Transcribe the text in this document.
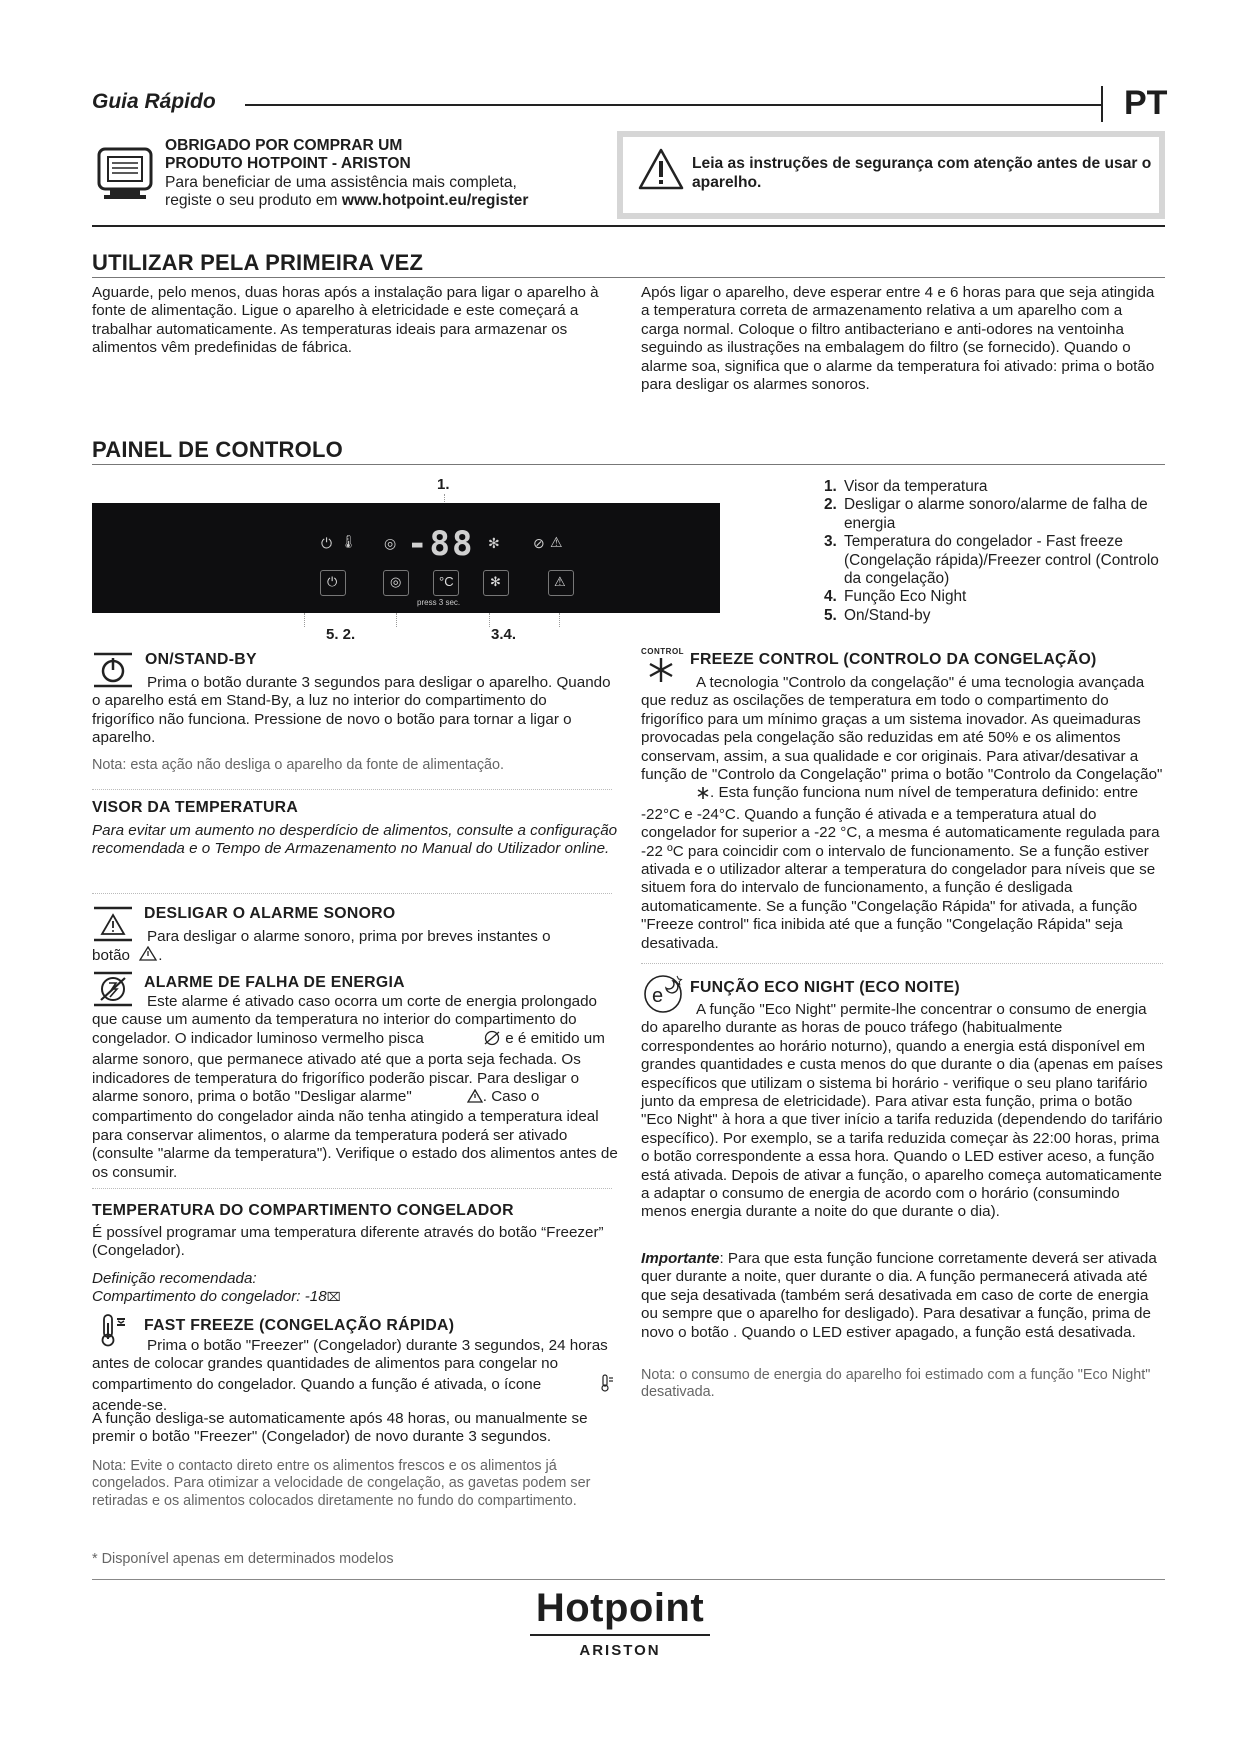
Guia Rápido	PT
OBRIGADO POR COMPRAR UM
PRODUTO HOTPOINT - ARISTON
Para beneficiar de uma assistência mais completa,
registe o seu produto em www.hotpoint.eu/register
Leia as instruções de segurança com atenção antes de usar o aparelho.
UTILIZAR PELA PRIMEIRA VEZ

Aguarde, pelo menos, duas horas após a instalação para ligar o aparelho à fonte de alimentação. Ligue o aparelho à eletricidade e este começará a trabalhar automaticamente. As temperaturas ideais para armazenar os alimentos vêm predefinidas de fábrica.

Após ligar o aparelho, deve esperar entre 4 e 6 horas para que seja atingida a temperatura correta de armazenamento relativa a um aparelho com a carga normal. Coloque o filtro antibacteriano e anti-odores na ventoinha seguindo as ilustrações na embalagem do filtro (se fornecido). Quando o alarme soa, significa que o alarme da temperatura foi ativado: prima o botão para desligar os alarmes sonoros.

PAINEL DE CONTROLO
1.
⏻ 🌡 ◎ -88 ✻ ⊘ ⚠
⏻	◎	°C	✻	⚠
press 3 sec.
5. 2.	3.4.
1. Visor da temperatura
2. Desligar o alarme sonoro/alarme de falha de energia
3. Temperatura do congelador - Fast freeze (Congelação rápida)/Freezer control (Controlo da congelação)
4. Função Eco Night
5. On/Stand-by
ON/STAND-BY

Prima o botão durante 3 segundos para desligar o aparelho. Quando o aparelho está em Stand-By, a luz no interior do compartimento do frigorífico não funciona. Pressione de novo o botão para tornar a ligar o aparelho.

Nota: esta ação não desliga o aparelho da fonte de alimentação.

VISOR DA TEMPERATURA

Para evitar um aumento no desperdício de alimentos, consulte a configuração recomendada e o Tempo de Armazenamento no Manual do Utilizador online.

DESLIGAR O ALARME SONORO
Para desligar o alarme sonoro, prima por breves instantes o
botão .
ALARME DE FALHA DE ENERGIA
Este alarme é ativado caso ocorra um corte de energia prolongado que cause um aumento da temperatura no interior do compartimento do congelador. O indicador luminoso vermelho pisca	e é emitido um alarme sonoro, que permanece ativado até que a porta seja fechada. Os indicadores de temperatura do frigorífico poderão piscar. Para desligar o alarme sonoro, prima o botão "Desligar alarme"	. Caso o compartimento do congelador ainda não tenha atingido a temperatura ideal para conservar alimentos, o alarme da temperatura poderá ser ativado (consulte "alarme da temperatura"). Verifique o estado dos alimentos antes de os consumir.
TEMPERATURA DO COMPARTIMENTO CONGELADOR

É possível programar uma temperatura diferente através do botão “Freezer” (Congelador).

Definição recomendada:
Compartimento do congelador: -18⌧
FAST FREEZE (CONGELAÇÃO RÁPIDA)
Prima o botão "Freezer" (Congelador) durante 3 segundos, 24 horas antes de colocar grandes quantidades de alimentos para congelar no compartimento do congelador. Quando a função é ativada, o ícone  acende-se.

A função desliga-se automaticamente após 48 horas, ou manualmente se premir o botão "Freezer" (Congelador) de novo durante 3 segundos.

Nota: Evite o contacto direto entre os alimentos frescos e os alimentos já congelados. Para otimizar a velocidade de congelação, as gavetas podem ser retiradas e os alimentos colocados diretamente no fundo do compartimento.

* Disponível apenas em determinados modelos
CONTROL FREEZE CONTROL (CONTROLO DA CONGELAÇÃO)
A tecnologia "Controlo da congelação" é uma tecnologia avançada que reduz as oscilações de temperatura em todo o compartimento do frigorífico para um mínimo graças a um sistema inovador. As queimaduras provocadas pela congelação são reduzidas em até 50% e os alimentos conservam, assim, a sua qualidade e cor originais. Para ativar/desativar a função de "Controlo da Congelação" prima o botão "Controlo da Congelação" . Esta função funciona num nível de temperatura definido: entre -22°C e -24°C. Quando a função é ativada e a temperatura atual do congelador for superior a -22 °C, a mesma é automaticamente regulada para -22 ºC para coincidir com o intervalo de funcionamento. Se a função estiver ativada e o utilizador alterar a temperatura do congelador para níveis que se situem fora do intervalo de funcionamento, a função é desligada automaticamente. Se a função "Congelação Rápida" for ativada, a função "Freeze control" fica inibida até que a função "Congelação Rápida" seja desativada.
e FUNÇÃO ECO NIGHT (ECO NOITE)

A função "Eco Night" permite-lhe concentrar o consumo de energia do aparelho durante as horas de pouco tráfego (habitualmente correspondentes ao horário noturno), quando a energia está disponível em grandes quantidades e custa menos do que durante o dia (apenas em países específicos que utilizam o sistema bi horário - verifique o seu plano tarifário junto da empresa de eletricidade). Para ativar esta função, prima o botão "Eco Night" à hora a que tiver início a tarifa reduzida (dependendo do tarifário específico). Por exemplo, se a tarifa reduzida começar às 22:00 horas, prima o botão correspondente a essa hora. Quando o LED estiver aceso, a função está ativada. Depois de ativar a função, o aparelho começa automaticamente a adaptar o consumo de energia de acordo com o horário (consumindo menos energia durante a noite do que durante o dia).

Importante: Para que esta função funcione corretamente deverá ser ativada quer durante a noite, quer durante o dia. A função permanecerá ativada até que seja desativada (também será desativada em caso de corte de energia ou sempre que o aparelho for desligado). Para desativar a função, prima de novo o botão . Quando o LED estiver apagado, a função está desativada.

Nota: o consumo de energia do aparelho foi estimado com a função "Eco Night" desativada.

Hotpoint
ARISTON
